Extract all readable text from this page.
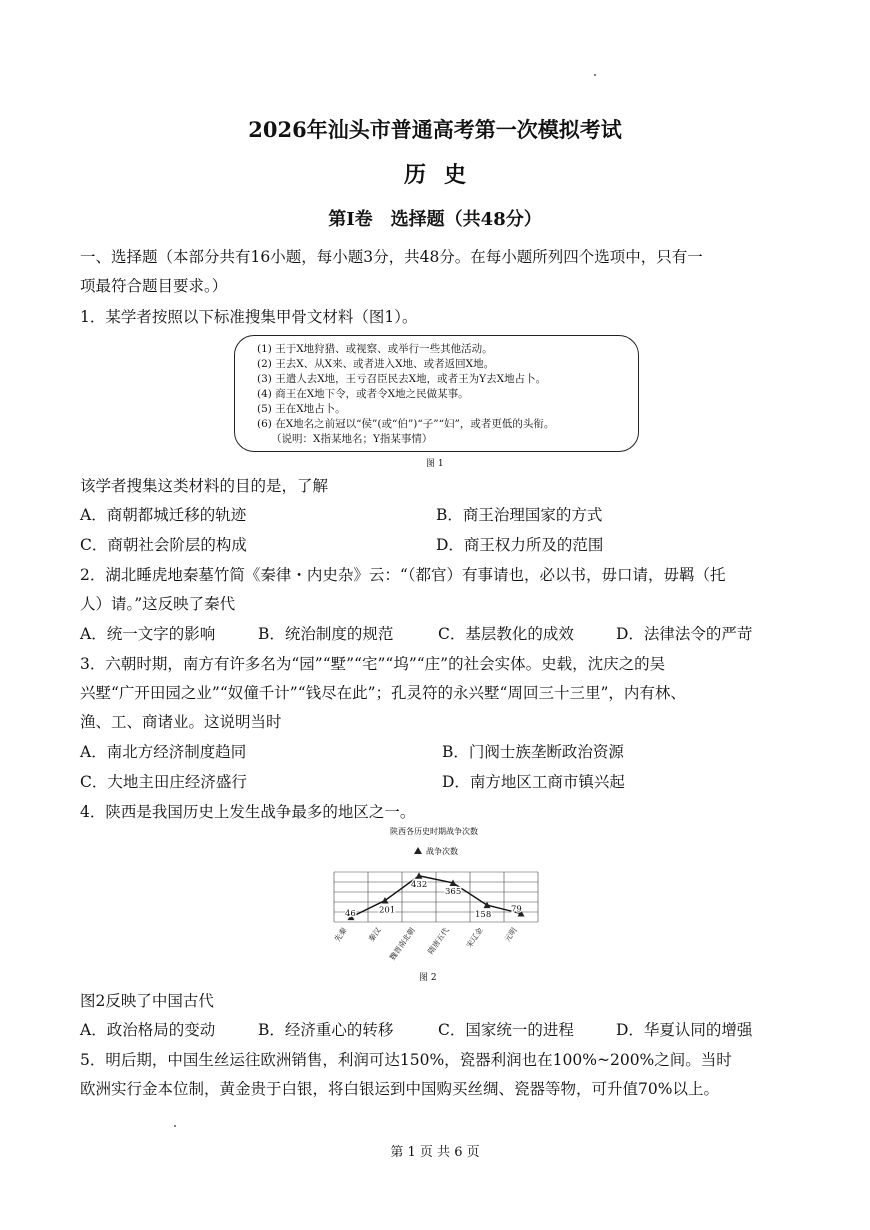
2026年汕头市普通高考第一次模拟考试
历史
第Ⅰ卷　选择题（共48分）
一、选择题（本部分共有16小题，每小题3分，共48分。在每小题所列四个选项中，只有一
项最符合题目要求。）
1．某学者按照以下标准搜集甲骨文材料（图1）。
(1) 王于X地狩猎、或视察、或举行一些其他活动。
(2) 王去X、从X来、或者进入X地、或者返回X地。
(3) 王遣人去X地，王亏召臣民去X地，或者王为Y去X地占卜。
(4) 商王在X地下令，或者令X地之民做某事。
(5) 王在X地占卜。
(6) 在X地名之前冠以“侯”(或“伯”)“子”“妇”，或者更低的头衔。
（说明：X指某地名；Y指某事情）
图 1
该学者搜集这类材料的目的是，了解
A．商朝都城迁移的轨迹	B．商王治理国家的方式
C．商朝社会阶层的构成	D．商王权力所及的范围
2．湖北睡虎地秦墓竹简《秦律・内史杂》云：“（都官）有事请也，必以书，毋口请，毋羁（托
人）请。”这反映了秦代
A．统一文字的影响	B．统治制度的规范	C．基层教化的成效	D．法律法令的严苛
3．六朝时期，南方有许多名为“园”“墅”“宅”“坞”“庄”的社会实体。史载，沈庆之的吴
兴墅“广开田园之业”“奴僮千计”“钱尽在此”；孔灵符的永兴墅“周回三十三里”，内有林、
渔、工、商诸业。这说明当时
A．南北方经济制度趋同	B．门阀士族垄断政治资源
C．大地主田庄经济盛行	D．南方地区工商市镇兴起
4．陕西是我国历史上发生战争最多的地区之一。
陕西各历史时期战争次数
战争次数
46
先秦
201
秦汉
432
魏晋南北朝
365
隋唐五代
158
宋辽金
79
元明
图 2
图2反映了中国古代
A．政治格局的变动	B．经济重心的转移	C．国家统一的进程	D．华夏认同的增强
5．明后期，中国生丝运往欧洲销售，利润可达150%，瓷器利润也在100%~200%之间。当时
欧洲实行金本位制，黄金贵于白银，将白银运到中国购买丝绸、瓷器等物，可升值70%以上。
第 1 页 共 6 页
